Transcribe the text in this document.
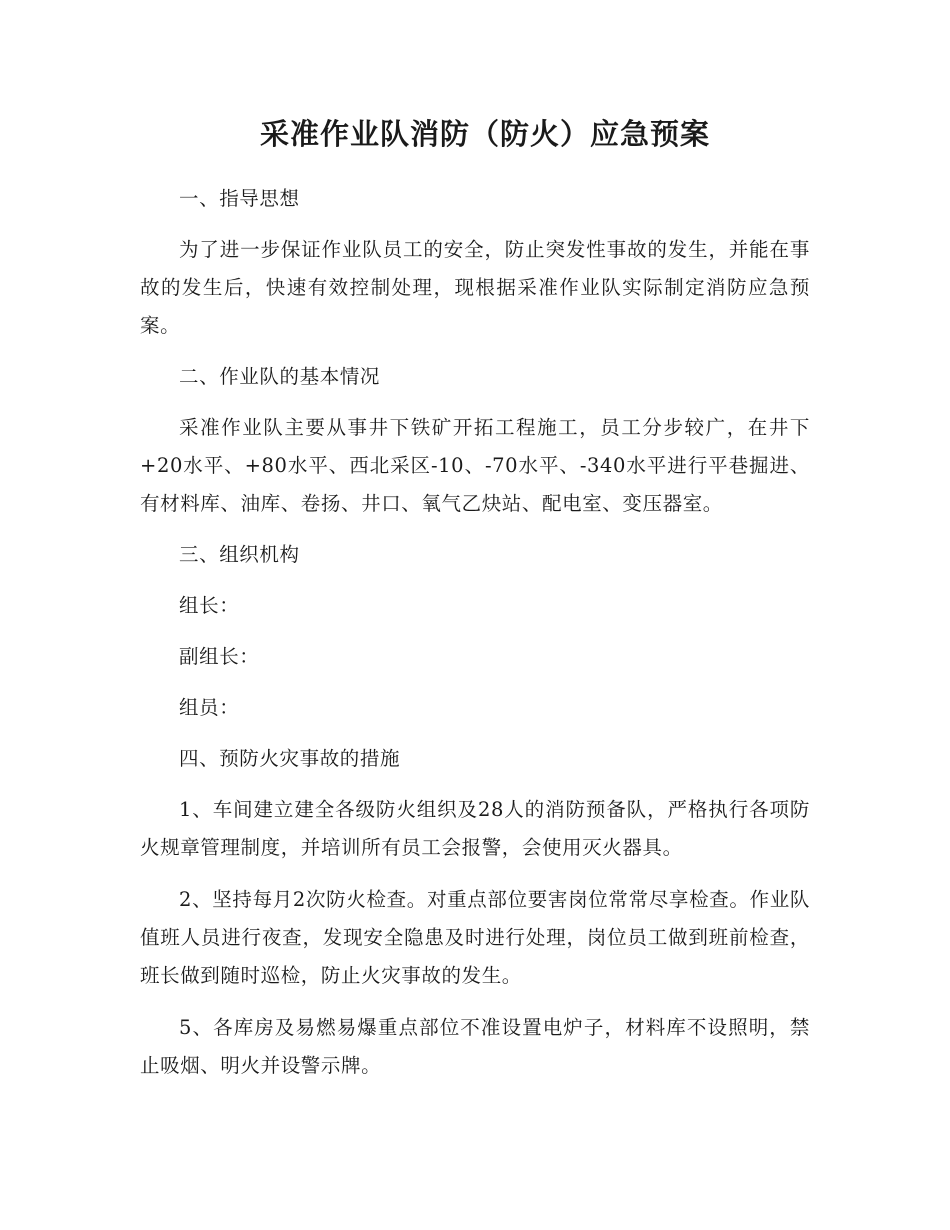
采准作业队消防（防火）应急预案

一、指导思想

为了进一步保证作业队员工的安全，防止突发性事故的发生，并能在事故的发生后，快速有效控制处理，现根据采准作业队实际制定消防应急预案。

二、作业队的基本情况

采准作业队主要从事井下铁矿开拓工程施工，员工分步较广，在井下+20水平、+80水平、西北采区-10、-70水平、-340水平进行平巷掘进、有材料库、油库、卷扬、井口、氧气乙炔站、配电室、变压器室。

三、组织机构

组长：

副组长：

组员：

四、预防火灾事故的措施

1、车间建立建全各级防火组织及28人的消防预备队，严格执行各项防火规章管理制度，并培训所有员工会报警，会使用灭火器具。

2、坚持每月2次防火检查。对重点部位要害岗位常常尽享检查。作业队值班人员进行夜查，发现安全隐患及时进行处理，岗位员工做到班前检查，班长做到随时巡检，防止火灾事故的发生。

5、各库房及易燃易爆重点部位不准设置电炉子，材料库不设照明，禁止吸烟、明火并设警示牌。
